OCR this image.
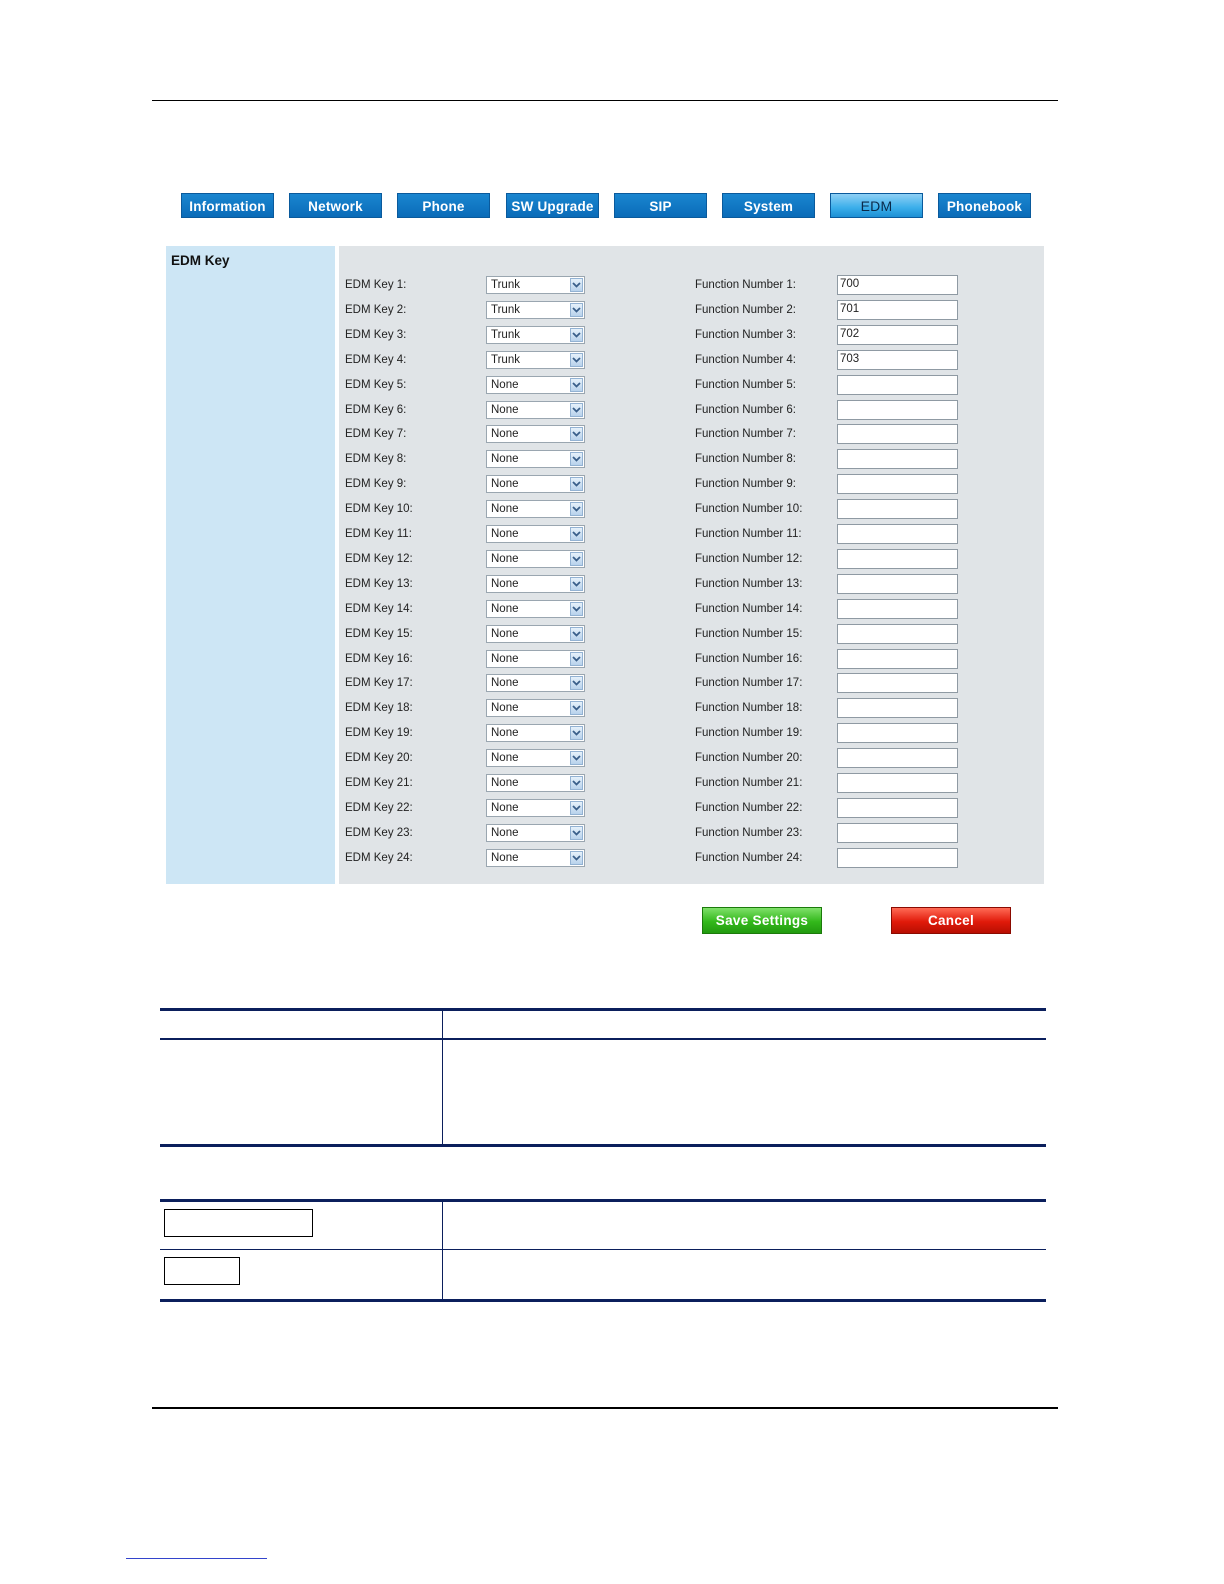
Information	Network	Phone	SW Upgrade	SIP	System	EDM	Phonebook
EDM Key
EDM Key 1:	Trunk	Function Number 1:	700
EDM Key 2:	Trunk	Function Number 2:	701
EDM Key 3:	Trunk	Function Number 3:	702
EDM Key 4:	Trunk	Function Number 4:	703
EDM Key 5:	None	Function Number 5:
EDM Key 6:	None	Function Number 6:
EDM Key 7:	None	Function Number 7:
EDM Key 8:	None	Function Number 8:
EDM Key 9:	None	Function Number 9:
EDM Key 10:	None	Function Number 10:
EDM Key 11:	None	Function Number 11:
EDM Key 12:	None	Function Number 12:
EDM Key 13:	None	Function Number 13:
EDM Key 14:	None	Function Number 14:
EDM Key 15:	None	Function Number 15:
EDM Key 16:	None	Function Number 16:
EDM Key 17:	None	Function Number 17:
EDM Key 18:	None	Function Number 18:
EDM Key 19:	None	Function Number 19:
EDM Key 20:	None	Function Number 20:
EDM Key 21:	None	Function Number 21:
EDM Key 22:	None	Function Number 22:
EDM Key 23:	None	Function Number 23:
EDM Key 24:	None	Function Number 24:
Save Settings	Cancel
